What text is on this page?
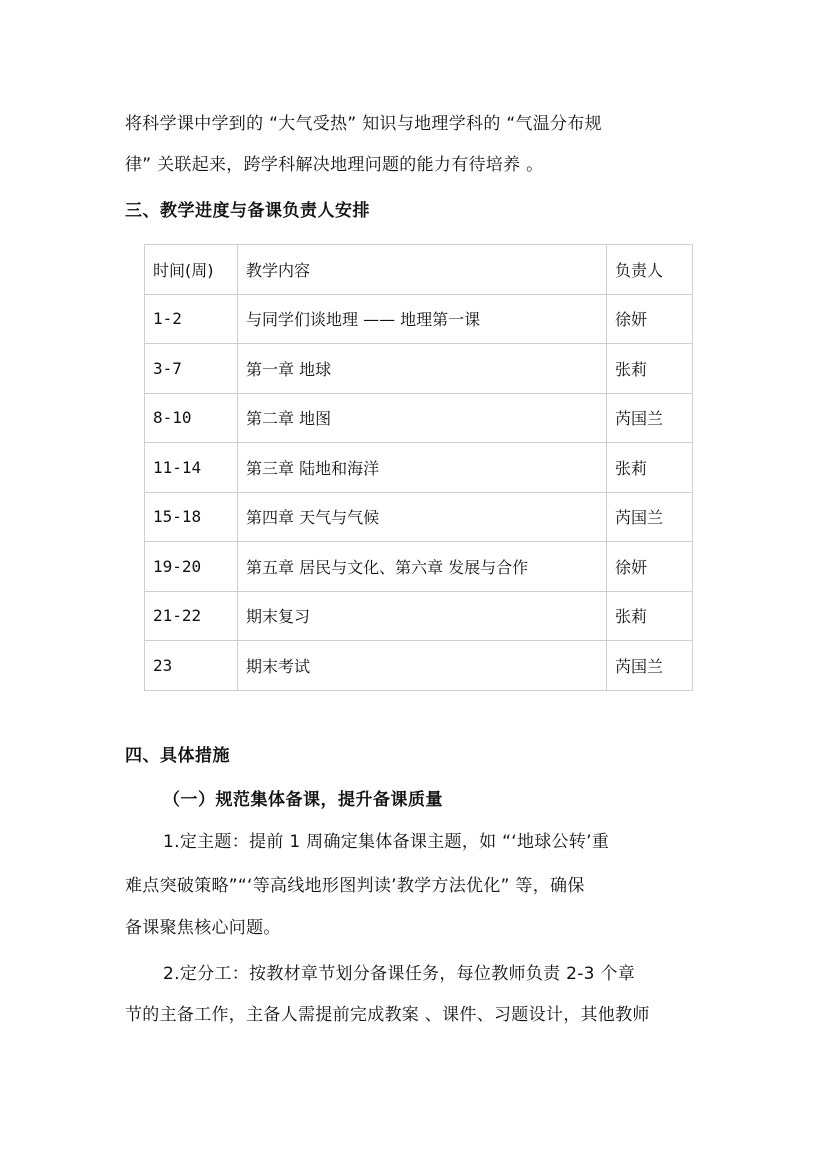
将科学课中学到的 “大气受热” 知识与地理学科的 “气温分布规
律” 关联起来，跨学科解决地理问题的能力有待培养 。
三、教学进度与备课负责人安排
时间(周)	教学内容	负责人
1-2	与同学们谈地理 —— 地理第一课	徐妍
3-7	第一章 地球	张莉
8-10	第二章 地图	芮国兰
11-14	第三章 陆地和海洋	张莉
15-18	第四章 天气与气候	芮国兰
19-20	第五章 居民与文化、第六章 发展与合作	徐妍
21-22	期末复习	张莉
23	期末考试	芮国兰
四、具体措施
（一）规范集体备课，提升备课质量
1.定主题：提前 1 周确定集体备课主题，如 “‘地球公转’重
难点突破策略”“‘等高线地形图判读’教学方法优化” 等，确保
备课聚焦核心问题。
2.定分工：按教材章节划分备课任务，每位教师负责 2-3 个章
节的主备工作，主备人需提前完成教案 、课件、习题设计，其他教师
